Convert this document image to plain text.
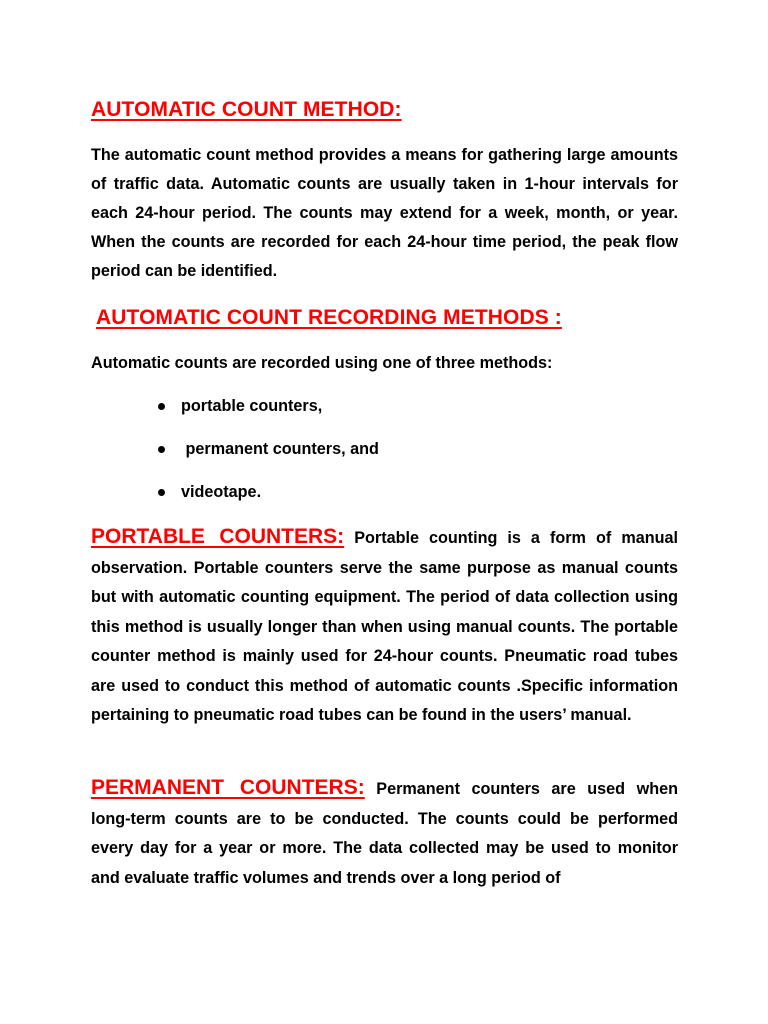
AUTOMATIC COUNT METHOD:

The automatic count method provides a means for gathering large amounts of traffic data. Automatic counts are usually taken in 1-hour intervals for each 24-hour period. The counts may extend for a week, month, or year. When the counts are recorded for each 24-hour time period, the peak flow period can be identified.

AUTOMATIC COUNT RECORDING METHODS :

Automatic counts are recorded using one of three methods:

portable counters,
permanent counters, and
videotape.

PORTABLE COUNTERS: Portable counting is a form of manual observation. Portable counters serve the same purpose as manual counts but with automatic counting equipment. The period of data collection using this method is usually longer than when using manual counts. The portable counter method is mainly used for 24-hour counts. Pneumatic road tubes are used to conduct this method of automatic counts .Specific information pertaining to pneumatic road tubes can be found in the users’ manual.

PERMANENT COUNTERS: Permanent counters are used when long-term counts are to be conducted. The counts could be performed every day for a year or more. The data collected may be used to monitor and evaluate traffic volumes and trends over a long period of
